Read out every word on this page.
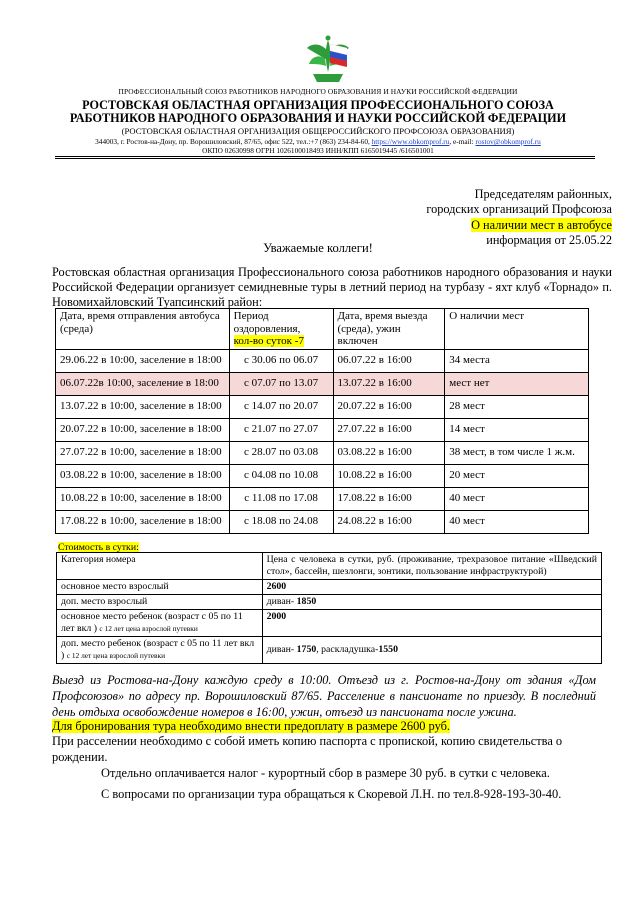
ПРОФЕССИОНАЛЬНЫЙ СОЮЗ РАБОТНИКОВ НАРОДНОГО ОБРАЗОВАНИЯ И НАУКИ РОССИЙСКОЙ ФЕДЕРАЦИИ
РОСТОВСКАЯ ОБЛАСТНАЯ ОРГАНИЗАЦИЯ ПРОФЕССИОНАЛЬНОГО СОЮЗА
РАБОТНИКОВ НАРОДНОГО ОБРАЗОВАНИЯ И НАУКИ РОССИЙСКОЙ ФЕДЕРАЦИИ
(РОСТОВСКАЯ ОБЛАСТНАЯ ОРГАНИЗАЦИЯ ОБЩЕРОССИЙСКОГО ПРОФСОЮЗА ОБРАЗОВАНИЯ)
344003, г. Ростов-на-Дону, пр. Ворошиловский, 87/65, офис 522, тел.:+7 (863) 234-84-60, https://www.obkomprof.ru, e-mail: rostov@obkomprof.ru
ОКПО 02630998 ОГРН 1026100018493 ИНН/КПП 6165019445 /616501001
Председателям районных,
городских организаций Профсоюза
О наличии мест в автобусе
информация от 25.05.22
Уважаемые коллеги!
Ростовская областная организация Профессионального союза работников народного образования и науки Российской Федерации организует семидневные туры в летний период на турбазу - яхт клуб «Торнадо» п. Новомихайловский Туапсинский район:
Дата, время отправления автобуса (среда)	Период оздоровления,
кол-во суток -7	Дата, время выезда (среда), ужин включен	О наличии мест
29.06.22 в 10:00, заселение в 18:00	с 30.06 по 06.07	06.07.22 в 16:00	34 места
06.07.22в 10:00, заселение в 18:00	с 07.07 по 13.07	13.07.22 в 16:00	мест нет
13.07.22 в 10:00, заселение в 18:00	с 14.07 по 20.07	20.07.22 в 16:00	28 мест
20.07.22 в 10:00, заселение в 18:00	с 21.07 по 27.07	27.07.22 в 16:00	14 мест
27.07.22 в 10:00, заселение в 18:00	с 28.07 по 03.08	03.08.22 в 16:00	38 мест, в том числе 1 ж.м.
03.08.22 в 10:00, заселение в 18:00	с 04.08 по 10.08	10.08.22 в 16:00	20 мест
10.08.22 в 10:00, заселение в 18:00	с 11.08 по 17.08	17.08.22 в 16:00	40 мест
17.08.22 в 10:00, заселение в 18:00	с 18.08 по 24.08	24.08.22 в 16:00	40 мест
Стоимость в сутки:
Категория номера	Цена с человека в сутки, руб. (проживание, трехразовое питание «Шведский стол», бассейн, шезлонги, зонтики, пользование инфраструктурой)
основное место взрослый	2600
доп. место взрослый	диван- 1850
основное место ребенок (возраст с 05 по 11 лет вкл ) с 12 лет цена взрослой путевки	2000
доп. место ребенок (возраст с 05 по 11 лет вкл ) с 12 лет цена взрослой путевки	диван- 1750, раскладушка-1550
Выезд из Ростова-на-Дону каждую среду в 10:00. Отъезд из г. Ростов-на-Дону от здания «Дом Профсоюзов» по адресу пр. Ворошиловский 87/65. Расселение в пансионате по приезду. В последний день отдыха освобождение номеров в 16:00, ужин, отъезд из пансионата после ужина.
Для бронирования тура необходимо внести предоплату в размере 2600 руб.
При расселении необходимо с собой иметь копию паспорта с пропиской, копию свидетельства о рождении.
Отдельно оплачивается налог - курортный сбор в размере 30 руб. в сутки с человека.
С вопросами по организации тура обращаться к Скоревой Л.Н. по тел.8-928-193-30-40.
